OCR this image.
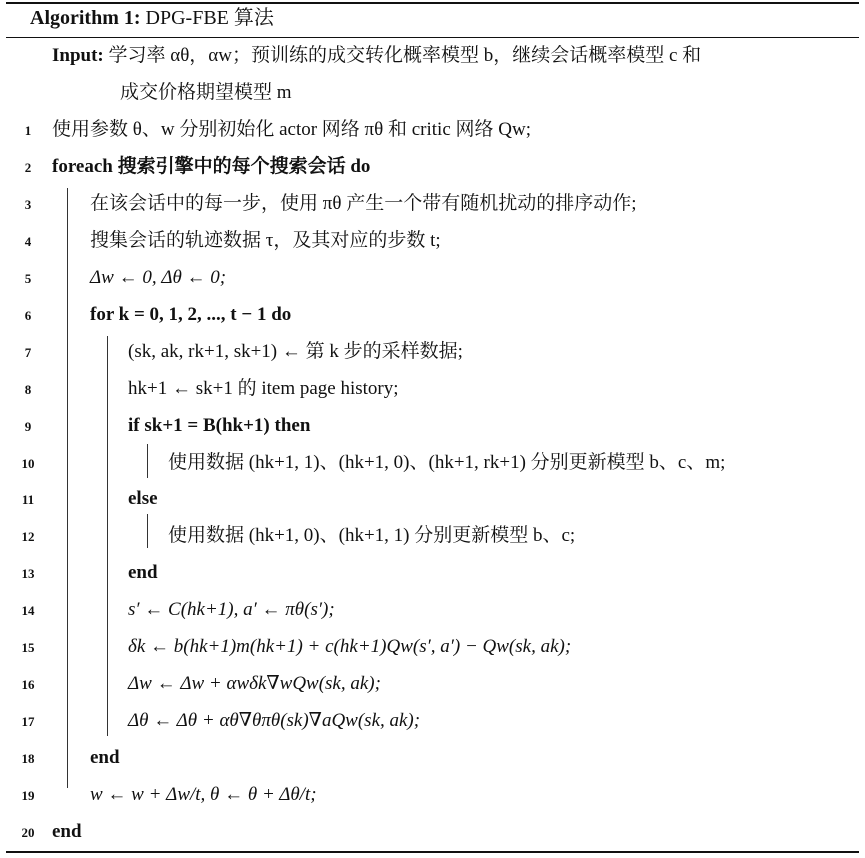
Algorithm 1: DPG-FBE 算法
Input: 学习率 αθ，αw；预训练的成交转化概率模型 b，继续会话概率模型 c 和
成交价格期望模型 m
1	使用参数 θ、w 分别初始化 actor 网络 πθ 和 critic 网络 Qw;
2	foreach 搜索引擎中的每个搜索会话 do
3	在该会话中的每一步，使用 πθ 产生一个带有随机扰动的排序动作;
4	搜集会话的轨迹数据 τ，及其对应的步数 t;
5	Δw ← 0, Δθ ← 0;
6	for k = 0, 1, 2, ..., t − 1 do
7	(sk, ak, rk+1, sk+1) ← 第 k 步的采样数据;
8	hk+1 ← sk+1 的 item page history;
9	if sk+1 = B(hk+1) then
10	使用数据 (hk+1, 1)、(hk+1, 0)、(hk+1, rk+1) 分别更新模型 b、c、m;
11	else
12	使用数据 (hk+1, 0)、(hk+1, 1) 分别更新模型 b、c;
13	end
14	s′ ← C(hk+1), a′ ← πθ(s′);
15	δk ← b(hk+1)m(hk+1) + c(hk+1)Qw(s′, a′) − Qw(sk, ak);
16	Δw ← Δw + αwδk∇wQw(sk, ak);
17	Δθ ← Δθ + αθ∇θπθ(sk)∇aQw(sk, ak);
18	end
19	w ← w + Δw/t, θ ← θ + Δθ/t;
20 end
